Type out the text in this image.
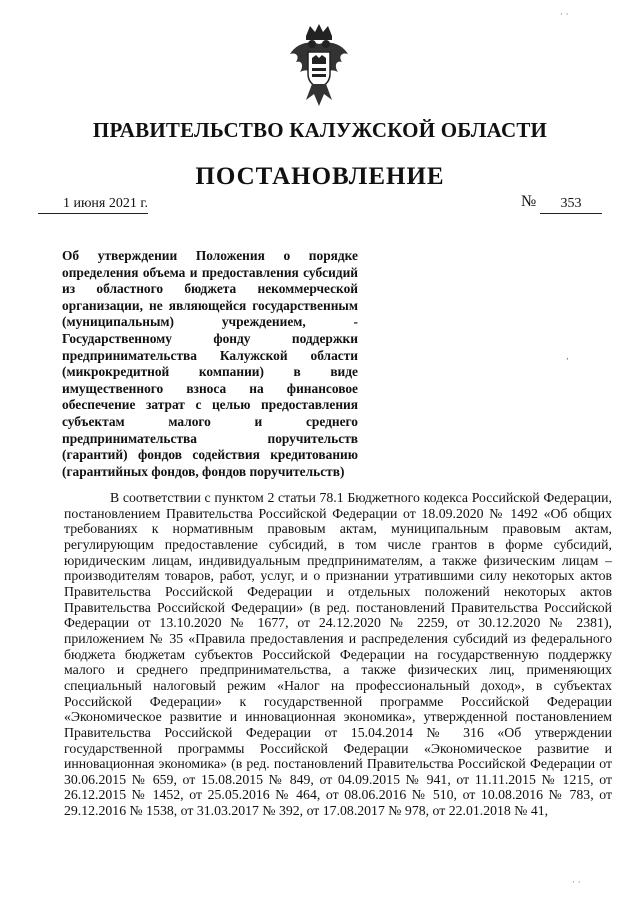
ПРАВИТЕЛЬСТВО КАЛУЖСКОЙ ОБЛАСТИ
ПОСТАНОВЛЕНИЕ
1 июня 2021 г.	№	353
Об утверждении Положения о порядке определения объема и предоставления субсидий из областного бюджета некоммерческой организации, не являющейся государственным (муниципальным) учреждением, - Государственному фонду поддержки предпринимательства Калужской области (микрокредитной компании) в виде имущественного взноса на финансовое обеспечение затрат с целью предоставления субъектам малого и среднего предпринимательства поручительств (гарантий) фондов содействия кредитованию (гарантийных фондов, фондов поручительств)
В соответствии с пунктом 2 статьи 78.1 Бюджетного кодекса Российской Федерации, постановлением Правительства Российской Федерации от 18.09.2020 № 1492 «Об общих требованиях к нормативным правовым актам, муниципальным правовым актам, регулирующим предоставление субсидий, в том числе грантов в форме субсидий, юридическим лицам, индивидуальным предпринимателям, а также физическим лицам – производителям товаров, работ, услуг, и о признании утратившими силу некоторых актов Правительства Российской Федерации и отдельных положений некоторых актов Правительства Российской Федерации» (в ред. постановлений Правительства Российской Федерации от 13.10.2020 № 1677, от 24.12.2020 № 2259, от 30.12.2020 № 2381), приложением № 35 «Правила предоставления и распределения субсидий из федерального бюджета бюджетам субъектов Российской Федерации на государственную поддержку малого и среднего предпринимательства, а также физических лиц, применяющих специальный налоговый режим «Налог на профессиональный доход», в субъектах Российской Федерации» к государственной программе Российской Федерации «Экономическое развитие и инновационная экономика», утвержденной постановлением Правительства Российской Федерации от 15.04.2014 № 316 «Об утверждении государственной программы Российской Федерации «Экономическое развитие и инновационная экономика» (в ред. постановлений Правительства Российской Федерации от 30.06.2015 № 659, от 15.08.2015 № 849, от 04.09.2015 № 941, от 11.11.2015 № 1215, от 26.12.2015 № 1452, от 25.05.2016 № 464, от 08.06.2016 № 510, от 10.08.2016 № 783, от 29.12.2016 № 1538, от 31.03.2017 № 392, от 17.08.2017 № 978, от 22.01.2018 № 41,
· ·
,
· ·
